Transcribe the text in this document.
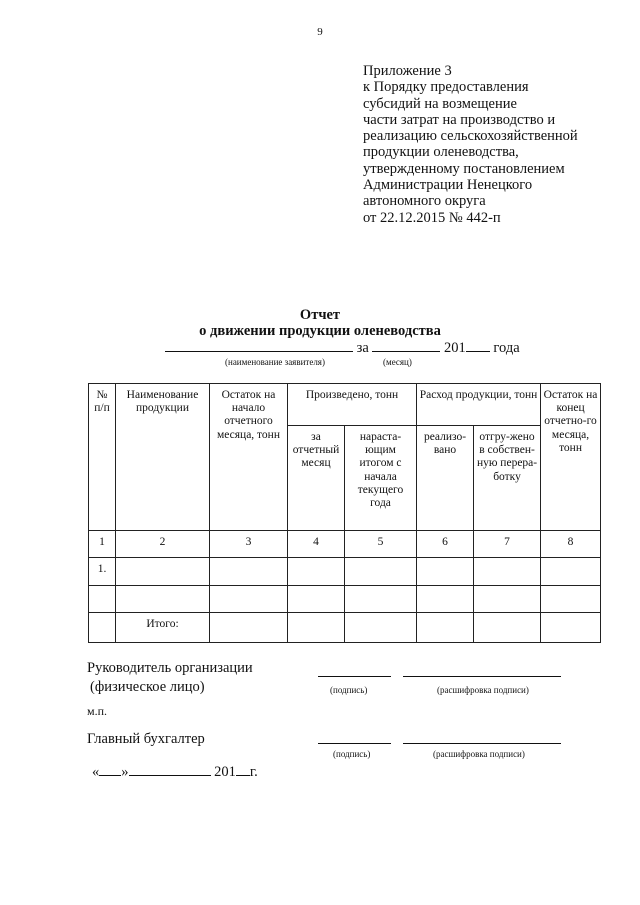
9
Приложение 3
к Порядку предоставления
субсидий на возмещение
части затрат на производство и
реализацию сельскохозяйственной
продукции оленеводства,
утвержденному постановлением
Администрации Ненецкого
автономного округа
от 22.12.2015 № 442-п
Отчет
о движении продукции оленеводства
за	201 года
(наименование заявителя)	(месяц)
№ п/п	Наименование продукции	Остаток на начало отчетного месяца, тонн	Произведено, тонн		Расход продукции, тонн		Остаток на конец отчетно-го месяца, тонн
			за отчетный месяц	нараста-ющим итогом с начала текущего года	реализо-вано	отгру-жено в собствен-ную перера-ботку	
1	2	3	4	5	6	7	8
1.							

	Итого:						
Руководитель организации
(физическое лицо)	(подпись)	(расшифровка подписи)
м.п.
Главный бухгалтер
(подпись)	(расшифровка подписи)
« »	201 г.
